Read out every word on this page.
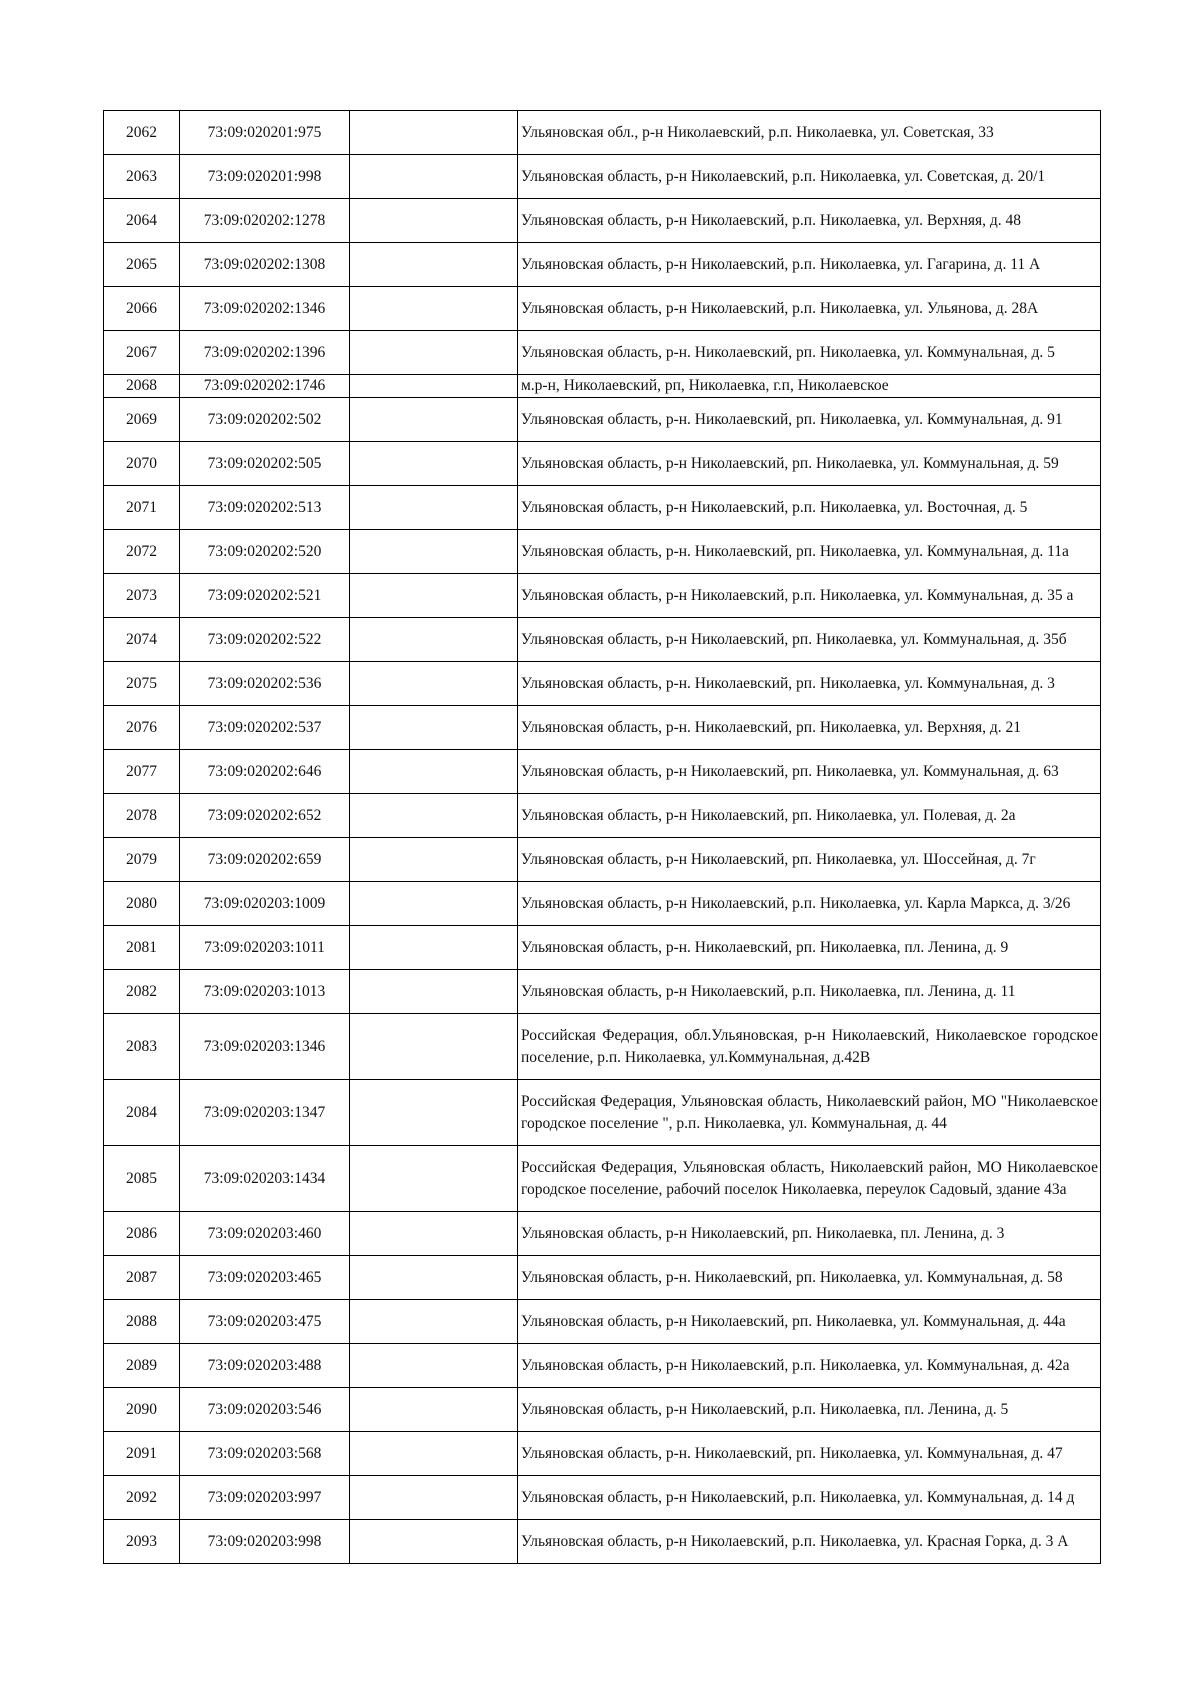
2062	73:09:020201:975		Ульяновская обл., р-н Николаевский, р.п. Николаевка, ул. Советская, 33
2063	73:09:020201:998		Ульяновская область, р-н Николаевский, р.п. Николаевка, ул. Советская, д. 20/1
2064	73:09:020202:1278		Ульяновская область, р-н Николаевский, р.п. Николаевка, ул. Верхняя, д. 48
2065	73:09:020202:1308		Ульяновская область, р-н Николаевский, р.п. Николаевка, ул. Гагарина, д. 11 А
2066	73:09:020202:1346		Ульяновская область, р-н Николаевский, р.п. Николаевка, ул. Ульянова, д. 28А
2067	73:09:020202:1396		Ульяновская область, р-н. Николаевский, рп. Николаевка, ул. Коммунальная, д. 5
2068	73:09:020202:1746		м.р-н, Николаевский, рп, Николаевка, г.п, Николаевское
2069	73:09:020202:502		Ульяновская область, р-н. Николаевский, рп. Николаевка, ул. Коммунальная, д. 91
2070	73:09:020202:505		Ульяновская область, р-н Николаевский, рп. Николаевка, ул. Коммунальная, д. 59
2071	73:09:020202:513		Ульяновская область, р-н Николаевский, р.п. Николаевка, ул. Восточная, д. 5
2072	73:09:020202:520		Ульяновская область, р-н. Николаевский, рп. Николаевка, ул. Коммунальная, д. 11а
2073	73:09:020202:521		Ульяновская область, р-н Николаевский, р.п. Николаевка, ул. Коммунальная, д. 35 а
2074	73:09:020202:522		Ульяновская область, р-н Николаевский, рп. Николаевка, ул. Коммунальная, д. 35б
2075	73:09:020202:536		Ульяновская область, р-н. Николаевский, рп. Николаевка, ул. Коммунальная, д. 3
2076	73:09:020202:537		Ульяновская область, р-н. Николаевский, рп. Николаевка, ул. Верхняя, д. 21
2077	73:09:020202:646		Ульяновская область, р-н Николаевский, рп. Николаевка, ул. Коммунальная, д. 63
2078	73:09:020202:652		Ульяновская область, р-н Николаевский, рп. Николаевка, ул. Полевая, д. 2а
2079	73:09:020202:659		Ульяновская область, р-н Николаевский, рп. Николаевка, ул. Шоссейная, д. 7г
2080	73:09:020203:1009		Ульяновская область, р-н Николаевский, р.п. Николаевка, ул. Карла Маркса, д. 3/26
2081	73:09:020203:1011		Ульяновская область, р-н. Николаевский, рп. Николаевка, пл. Ленина, д. 9
2082	73:09:020203:1013		Ульяновская область, р-н Николаевский, р.п. Николаевка, пл. Ленина, д. 11
2083	73:09:020203:1346		Российская Федерация, обл.Ульяновская, р-н Николаевский, Николаевское городское поселение, р.п. Николаевка, ул.Коммунальная, д.42В
2084	73:09:020203:1347		Российская Федерация, Ульяновская область, Николаевский район, МО "Николаевское городское поселение ", р.п. Николаевка, ул. Коммунальная, д. 44
2085	73:09:020203:1434		Российская Федерация, Ульяновская область, Николаевский район, МО Николаевское городское поселение, рабочий поселок Николаевка, переулок Садовый, здание 43а
2086	73:09:020203:460		Ульяновская область, р-н Николаевский, рп. Николаевка, пл. Ленина, д. 3
2087	73:09:020203:465		Ульяновская область, р-н. Николаевский, рп. Николаевка, ул. Коммунальная, д. 58
2088	73:09:020203:475		Ульяновская область, р-н Николаевский, рп. Николаевка, ул. Коммунальная, д. 44а
2089	73:09:020203:488		Ульяновская область, р-н Николаевский, р.п. Николаевка, ул. Коммунальная, д. 42а
2090	73:09:020203:546		Ульяновская область, р-н Николаевский, р.п. Николаевка, пл. Ленина, д. 5
2091	73:09:020203:568		Ульяновская область, р-н. Николаевский, рп. Николаевка, ул. Коммунальная, д. 47
2092	73:09:020203:997		Ульяновская область, р-н Николаевский, р.п. Николаевка, ул. Коммунальная, д. 14 д
2093	73:09:020203:998		Ульяновская область, р-н Николаевский, р.п. Николаевка, ул. Красная Горка, д. 3 А
